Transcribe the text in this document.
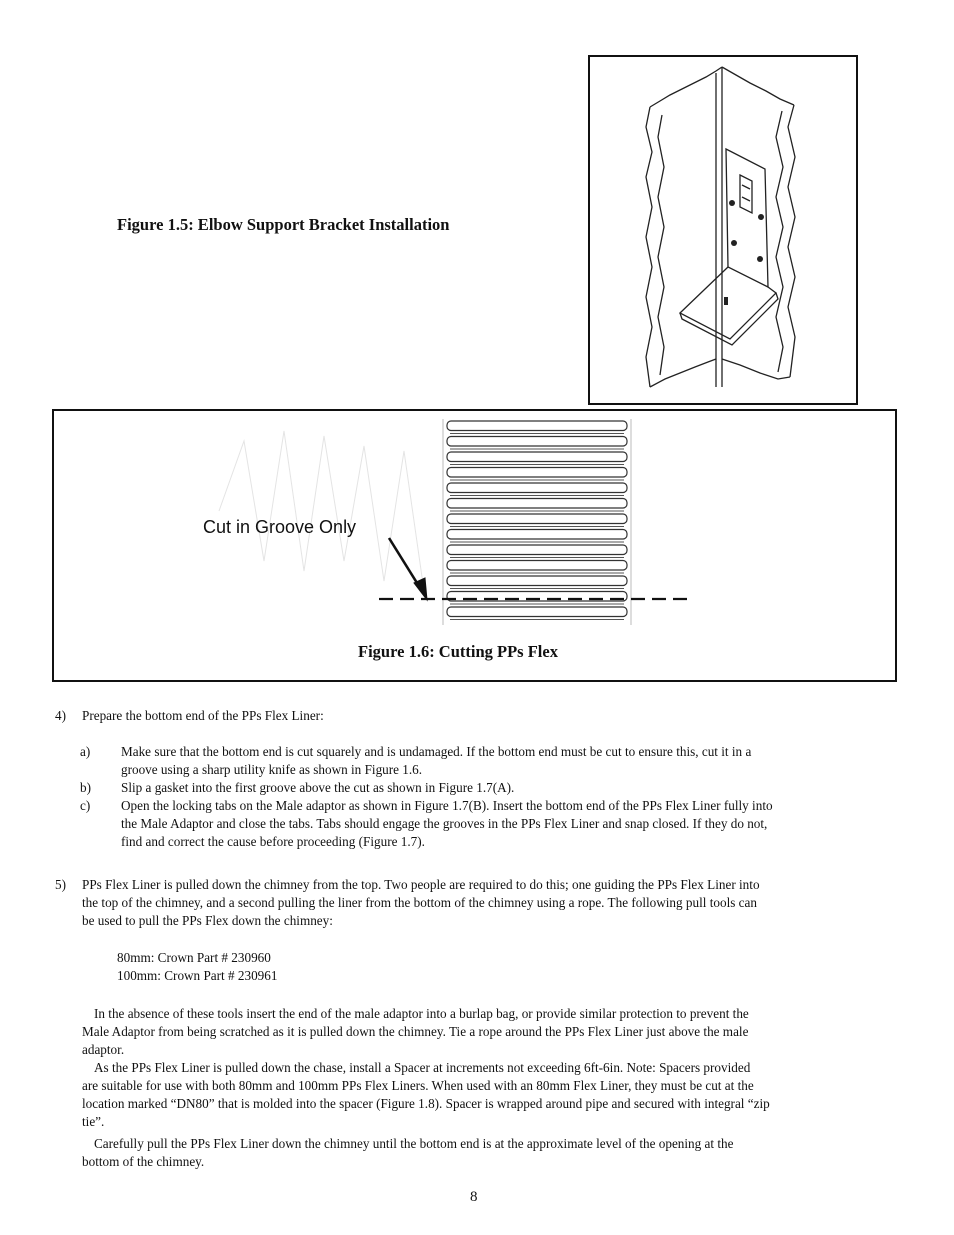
Figure 1.5: Elbow Support Bracket Installation
Cut in Groove Only
Figure 1.6: Cutting PPs Flex
4) Prepare the bottom end of the PPs Flex Liner:
a) Make sure that the bottom end is cut squarely and is undamaged. If the bottom end must be cut to ensure this, cut it in a
groove using a sharp utility knife as shown in Figure 1.6.
b) Slip a gasket into the first groove above the cut as shown in Figure 1.7(A).
c) Open the locking tabs on the Male adaptor as shown in Figure 1.7(B). Insert the bottom end of the PPs Flex Liner fully into
the Male Adaptor and close the tabs. Tabs should engage the grooves in the PPs Flex Liner and snap closed. If they do not,
find and correct the cause before proceeding (Figure 1.7).
5) PPs Flex Liner is pulled down the chimney from the top. Two people are required to do this; one guiding the PPs Flex Liner into
the top of the chimney, and a second pulling the liner from the bottom of the chimney using a rope. The following pull tools can
be used to pull the PPs Flex down the chimney:
80mm: Crown Part # 230960
100mm: Crown Part # 230961
In the absence of these tools insert the end of the male adaptor into a burlap bag, or provide similar protection to prevent the
Male Adaptor from being scratched as it is pulled down the chimney. Tie a rope around the PPs Flex Liner just above the male
adaptor.
As the PPs Flex Liner is pulled down the chase, install a Spacer at increments not exceeding 6ft-6in. Note: Spacers provided
are suitable for use with both 80mm and 100mm PPs Flex Liners. When used with an 80mm Flex Liner, they must be cut at the
location marked “DN80” that is molded into the spacer (Figure 1.8). Spacer is wrapped around pipe and secured with integral “zip
tie”.
Carefully pull the PPs Flex Liner down the chimney until the bottom end is at the approximate level of the opening at the
bottom of the chimney.
8
